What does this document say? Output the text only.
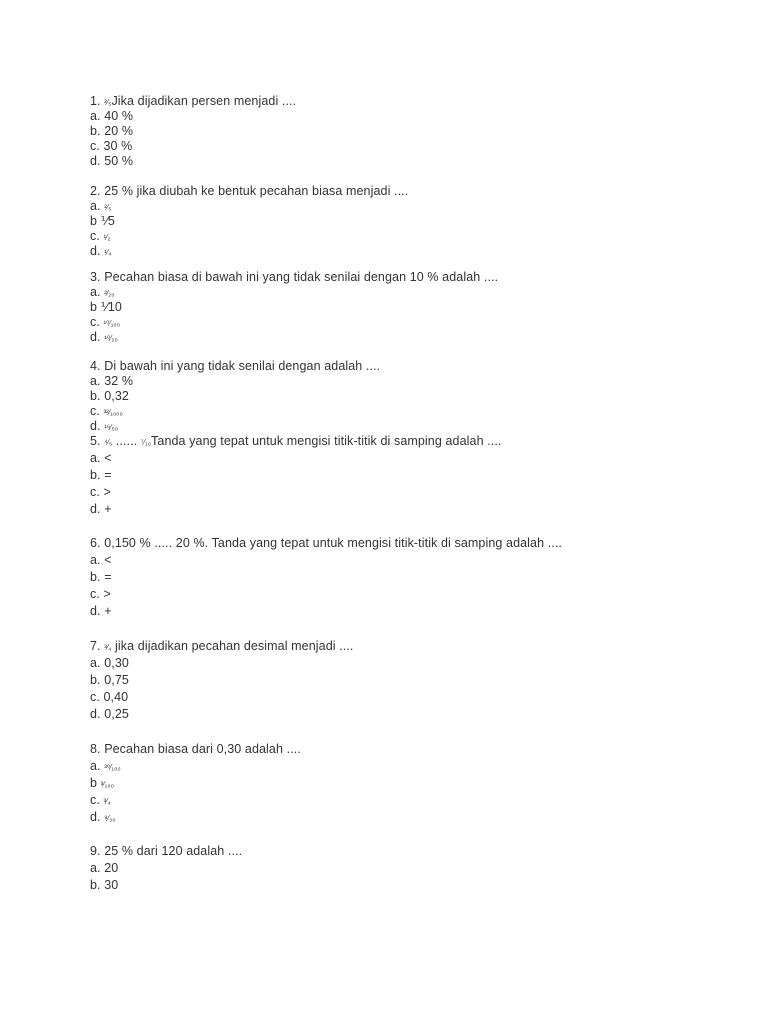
1. ²⁄₅Jika dijadikan persen menjadi ....
a. 40 %
b. 20 %
c. 30 %
d. 50 %
2. 25 % jika diubah ke bentuk pecahan biasa menjadi ....
a. ²⁄₅
b ⅟5
c. ¹⁄₂
d. ¹⁄₄
3. Pecahan biasa di bawah ini yang tidak senilai dengan 10 % adalah ....
a. ²⁄₂₀
b ⅟10
c. ¹⁰⁄₁₀₀
d. ¹⁰⁄₂₀
4. Di bawah ini yang tidak senilai dengan adalah ....
a. 32 %
b. 0,32
c. ³²⁄₁₀₀₀
d. ¹⁶⁄₅₀
5. ⁴⁄₅ ...... ⁷⁄₁₀Tanda yang tepat untuk mengisi titik-titik di samping adalah ....
a. <
b. =
c. >
d. +
6. 0,150 % ..... 20 %. Tanda yang tepat untuk mengisi titik-titik di samping adalah ....
a. <
b. =
c. >
d. +
7. ³⁄₄ jika dijadikan pecahan desimal menjadi ....
a. 0,30
b. 0,75
c. 0,40
d. 0,25
8. Pecahan biasa dari 0,30 adalah ....
a. ³⁰⁄₁₀₀
b ³⁄₁₀₀
c. ³⁄₄
d. ⁹⁄₃₀
9. 25 % dari 120 adalah ....
a. 20
b. 30
